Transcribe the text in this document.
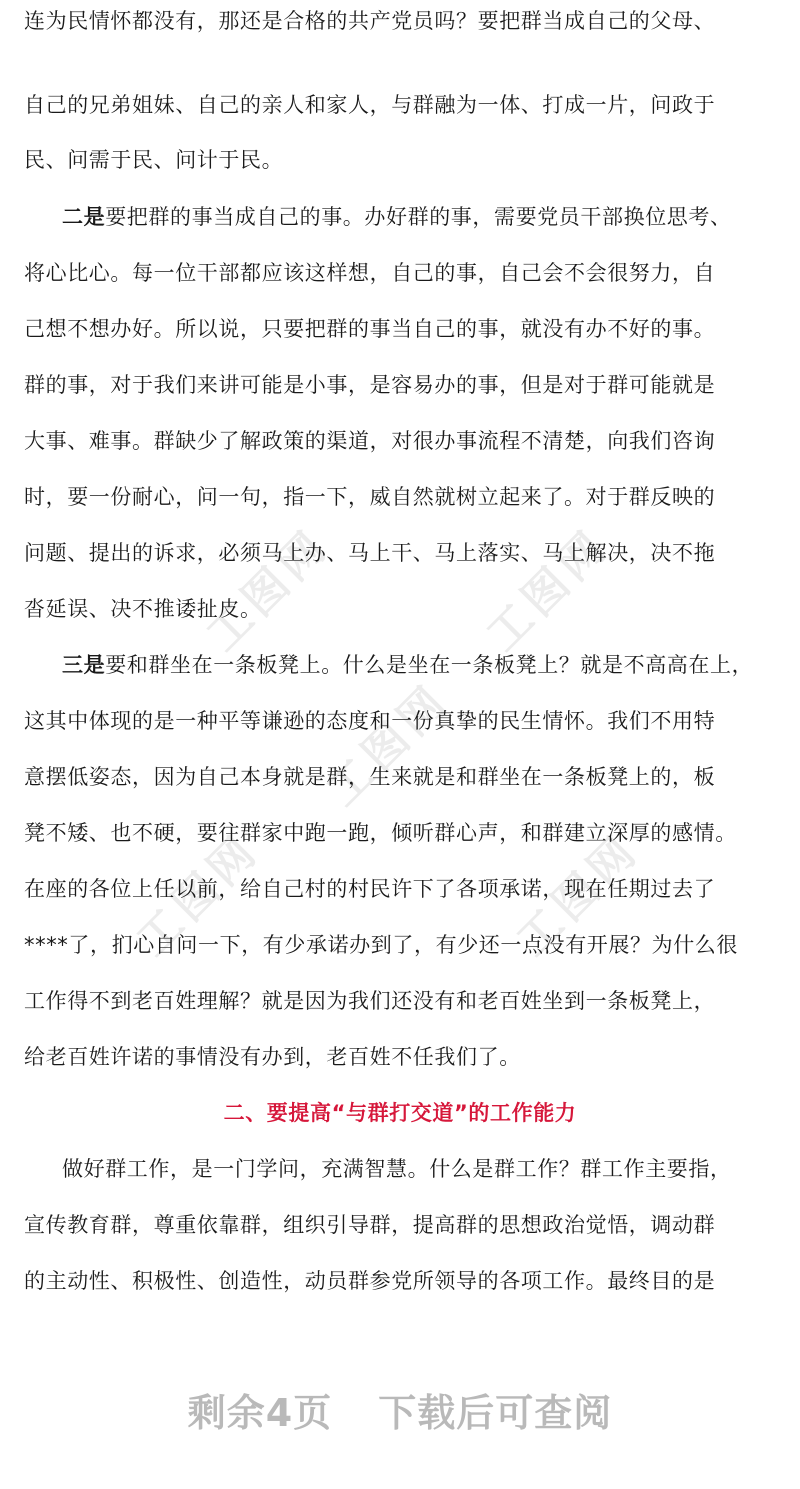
工图网	工图网
工图网
工图网	工图网
连为民情怀都没有，那还是合格的共产党员吗？要把群当成自己的父母、
自己的兄弟姐妹、自己的亲人和家人，与群融为一体、打成一片，问政于
民、问需于民、问计于民。
二是要把群的事当成自己的事。办好群的事，需要党员干部换位思考、
将心比心。每一位干部都应该这样想，自己的事，自己会不会很努力，自
己想不想办好。所以说，只要把群的事当自己的事，就没有办不好的事。
群的事，对于我们来讲可能是小事，是容易办的事，但是对于群可能就是
大事、难事。群缺少了解政策的渠道，对很办事流程不清楚，向我们咨询
时，要一份耐心，问一句，指一下，威自然就树立起来了。对于群反映的
问题、提出的诉求，必须马上办、马上干、马上落实、马上解决，决不拖
沓延误、决不推诿扯皮。
三是要和群坐在一条板凳上。什么是坐在一条板凳上？就是不高高在上，
这其中体现的是一种平等谦逊的态度和一份真挚的民生情怀。我们不用特
意摆低姿态，因为自己本身就是群，生来就是和群坐在一条板凳上的，板
凳不矮、也不硬，要往群家中跑一跑，倾听群心声，和群建立深厚的感情。
在座的各位上任以前，给自己村的村民许下了各项承诺，现在任期过去了
****了，扪心自问一下，有少承诺办到了，有少还一点没有开展？为什么很
工作得不到老百姓理解？就是因为我们还没有和老百姓坐到一条板凳上，
给老百姓许诺的事情没有办到，老百姓不任我们了。
二、要提高“与群打交道”的工作能力
做好群工作，是一门学问，充满智慧。什么是群工作？群工作主要指，
宣传教育群，尊重依靠群，组织引导群，提高群的思想政治觉悟，调动群
的主动性、积极性、创造性，动员群参党所领导的各项工作。最终目的是
剩余4页 下载后可查阅
